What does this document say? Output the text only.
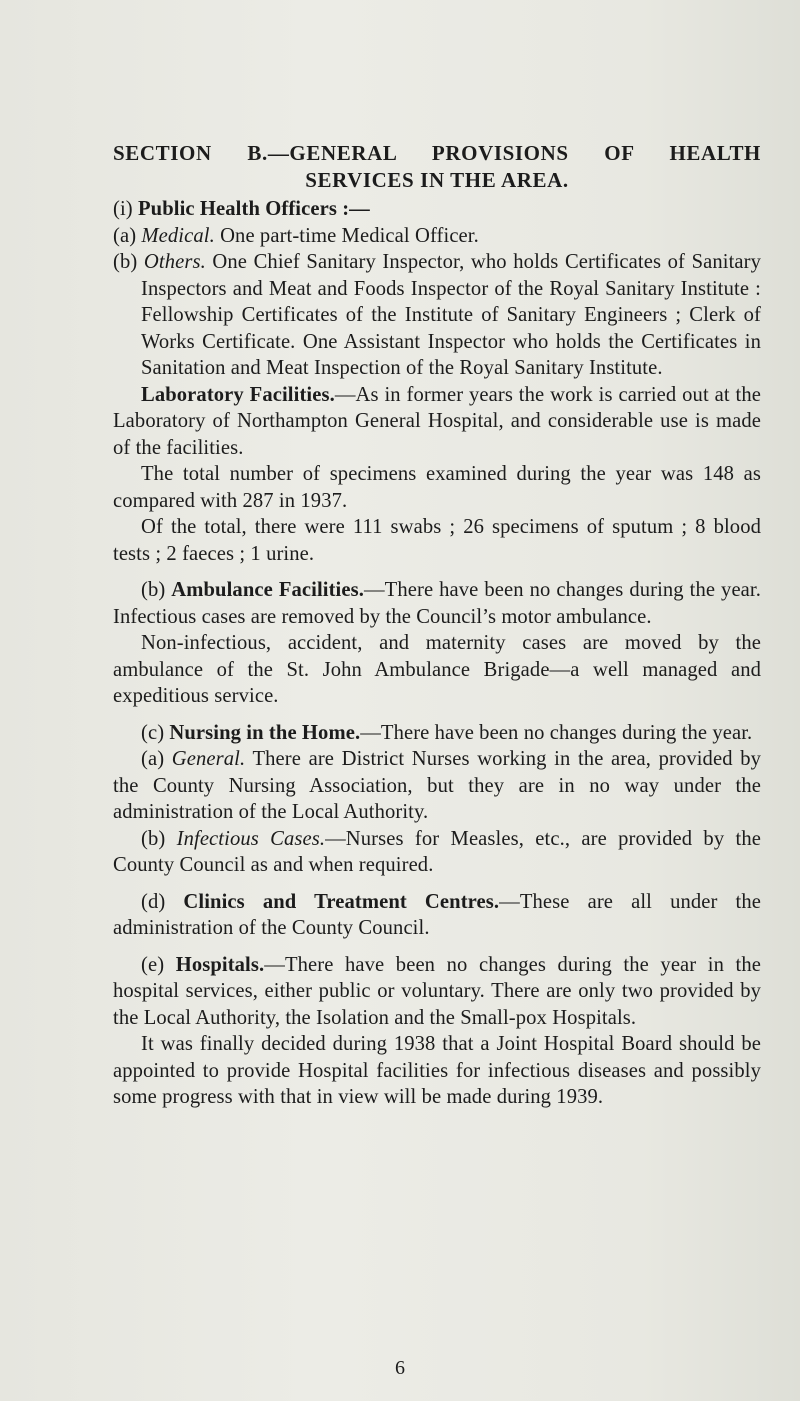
SECTION B.—GENERAL PROVISIONS OF HEALTH

SERVICES IN THE AREA.

(i) Public Health Officers :—

(a) Medical. One part-time Medical Officer.

(b) Others. One Chief Sanitary Inspector, who holds Certificates of Sanitary Inspectors and Meat and Foods Inspector of the Royal Sanitary Institute : Fellowship Certificates of the Institute of Sanitary Engineers ; Clerk of Works Certificate. One Assistant Inspector who holds the Certificates in Sanitation and Meat Inspection of the Royal Sanitary Institute.

Laboratory Facilities.—As in former years the work is carried out at the Laboratory of Northampton General Hospital, and considerable use is made of the facilities.

The total number of specimens examined during the year was 148 as compared with 287 in 1937.

Of the total, there were 111 swabs ; 26 specimens of sputum ; 8 blood tests ; 2 faeces ; 1 urine.

(b) Ambulance Facilities.—There have been no changes during the year. Infectious cases are removed by the Council’s motor ambulance.

Non-infectious, accident, and maternity cases are moved by the ambulance of the St. John Ambulance Brigade—a well managed and expeditious service.

(c) Nursing in the Home.—There have been no changes during the year.

(a) General. There are District Nurses working in the area, provided by the County Nursing Association, but they are in no way under the administration of the Local Authority.

(b) Infectious Cases.—Nurses for Measles, etc., are provided by the County Council as and when required.

(d) Clinics and Treatment Centres.—These are all under the administration of the County Council.

(e) Hospitals.—There have been no changes during the year in the hospital services, either public or voluntary. There are only two provided by the Local Authority, the Isolation and the Small-pox Hospitals.

It was finally decided during 1938 that a Joint Hospital Board should be appointed to provide Hospital facilities for infectious diseases and possibly some progress with that in view will be made during 1939.

6
